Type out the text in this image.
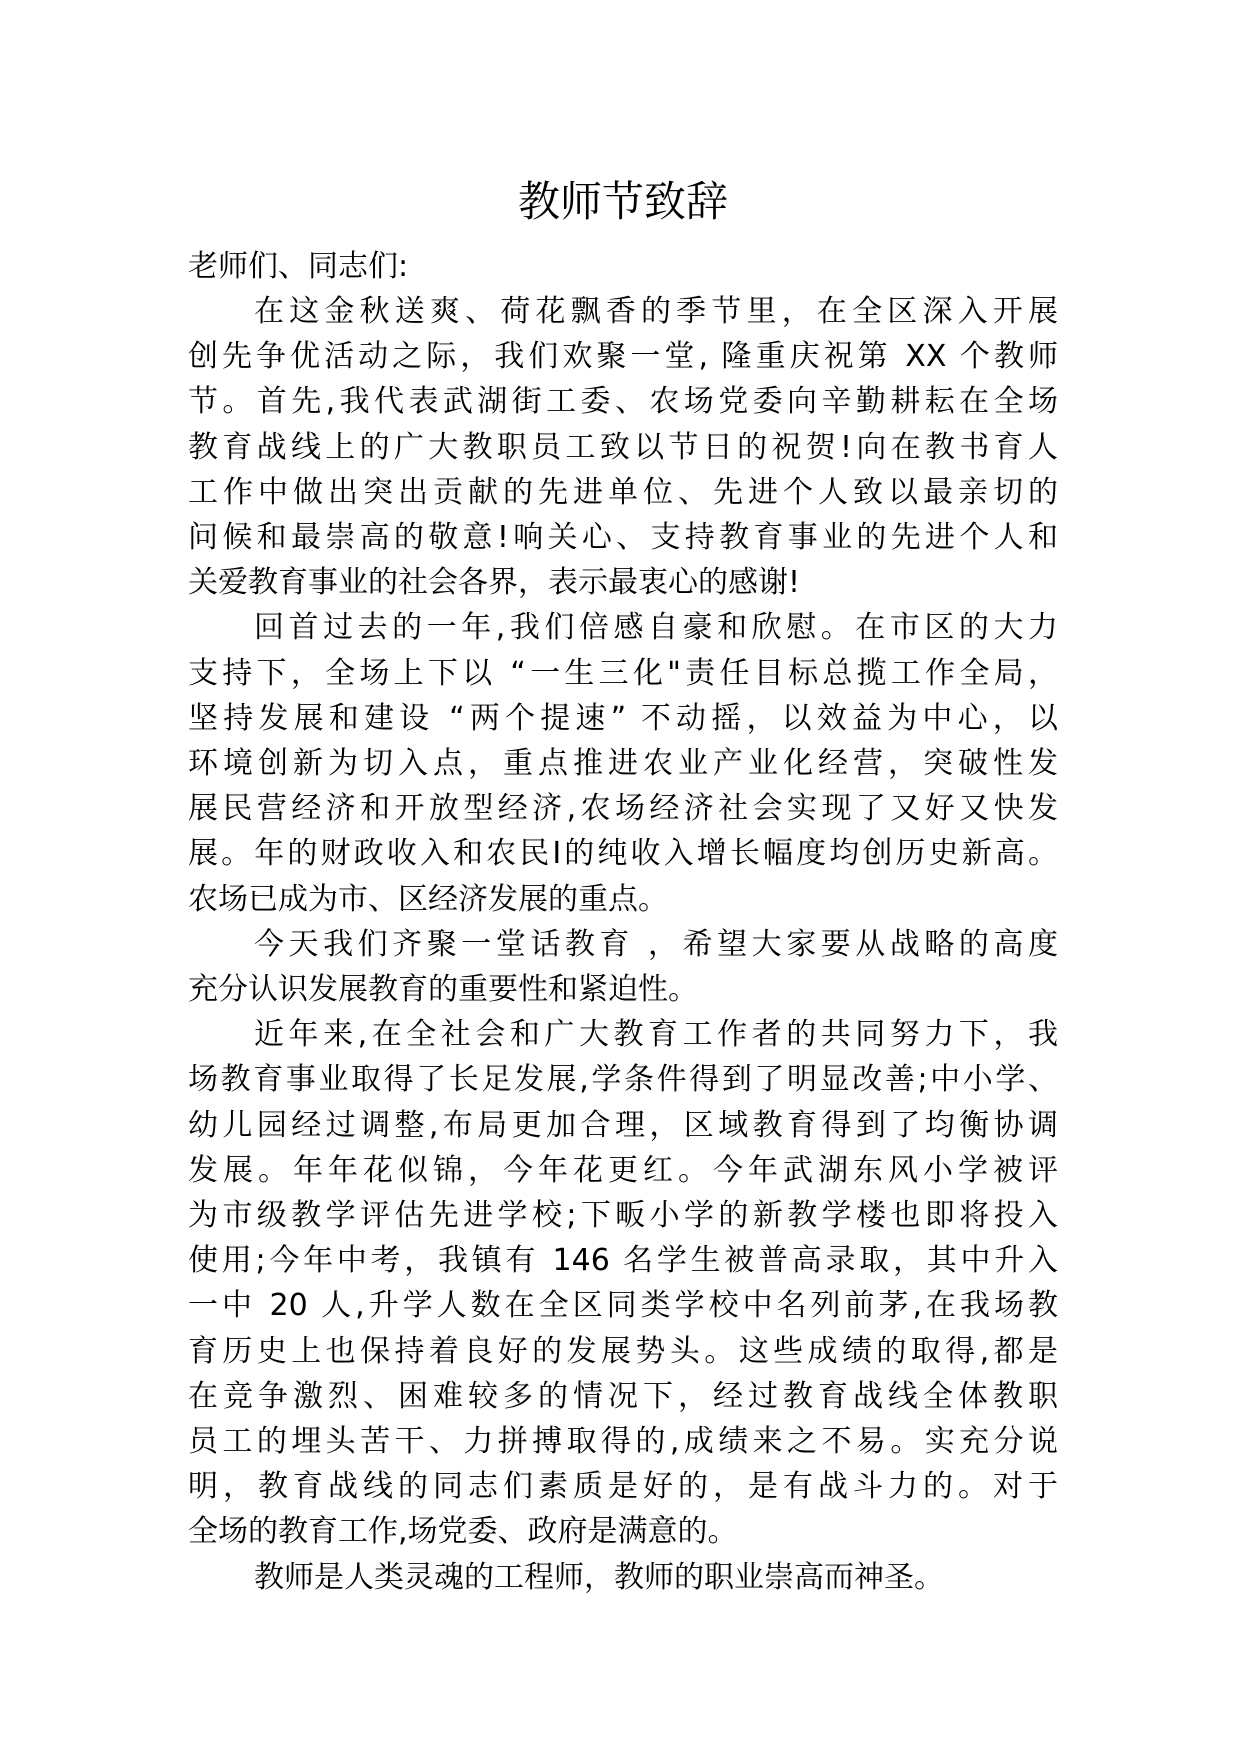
教师节致辞

老师们、同志们:

在这金秋送爽、荷花飘香的季节里，在全区深入开展
创先争优活动之际，我们欢聚一堂, 隆重庆祝第 XX 个教师
节。首先,我代表武湖街工委、农场党委向辛勤耕耘在全场
教育战线上的广大教职员工致以节日的祝贺!向在教书育人
工作中做出突出贡献的先进单位、先进个人致以最亲切的
问候和最崇高的敬意!响关心、支持教育事业的先进个人和
关爱教育事业的社会各界，表示最衷心的感谢!

回首过去的一年,我们倍感自豪和欣慰。在市区的大力
支持下，全场上下以 “一生三化"责任目标总揽工作全局，
坚持发展和建设 “两个提速” 不动摇，以效益为中心，以
环境创新为切入点，重点推进农业产业化经营，突破性发
展民营经济和开放型经济,农场经济社会实现了又好又快发
展。年的财政收入和农民I的纯收入增长幅度均创历史新高。
农场已成为市、区经济发展的重点。

今天我们齐聚一堂话教育 ，希望大家要从战略的高度
充分认识发展教育的重要性和紧迫性。

近年来,在全社会和广大教育工作者的共同努力下，我
场教育事业取得了长足发展,学条件得到了明显改善;中小学、
幼儿园经过调整,布局更加合理，区域教育得到了均衡协调
发展。年年花似锦，今年花更红。今年武湖东风小学被评
为市级教学评估先进学校;下畈小学的新教学楼也即将投入
使用;今年中考，我镇有 146 名学生被普高录取，其中升入
一中 20 人,升学人数在全区同类学校中名列前茅,在我场教
育历史上也保持着良好的发展势头。这些成绩的取得,都是
在竞争激烈、困难较多的情况下，经过教育战线全体教职
员工的埋头苦干、力拼搏取得的,成绩来之不易。实充分说
明，教育战线的同志们素质是好的，是有战斗力的。对于
全场的教育工作,场党委、政府是满意的。

教师是人类灵魂的工程师，教师的职业崇高而神圣。
